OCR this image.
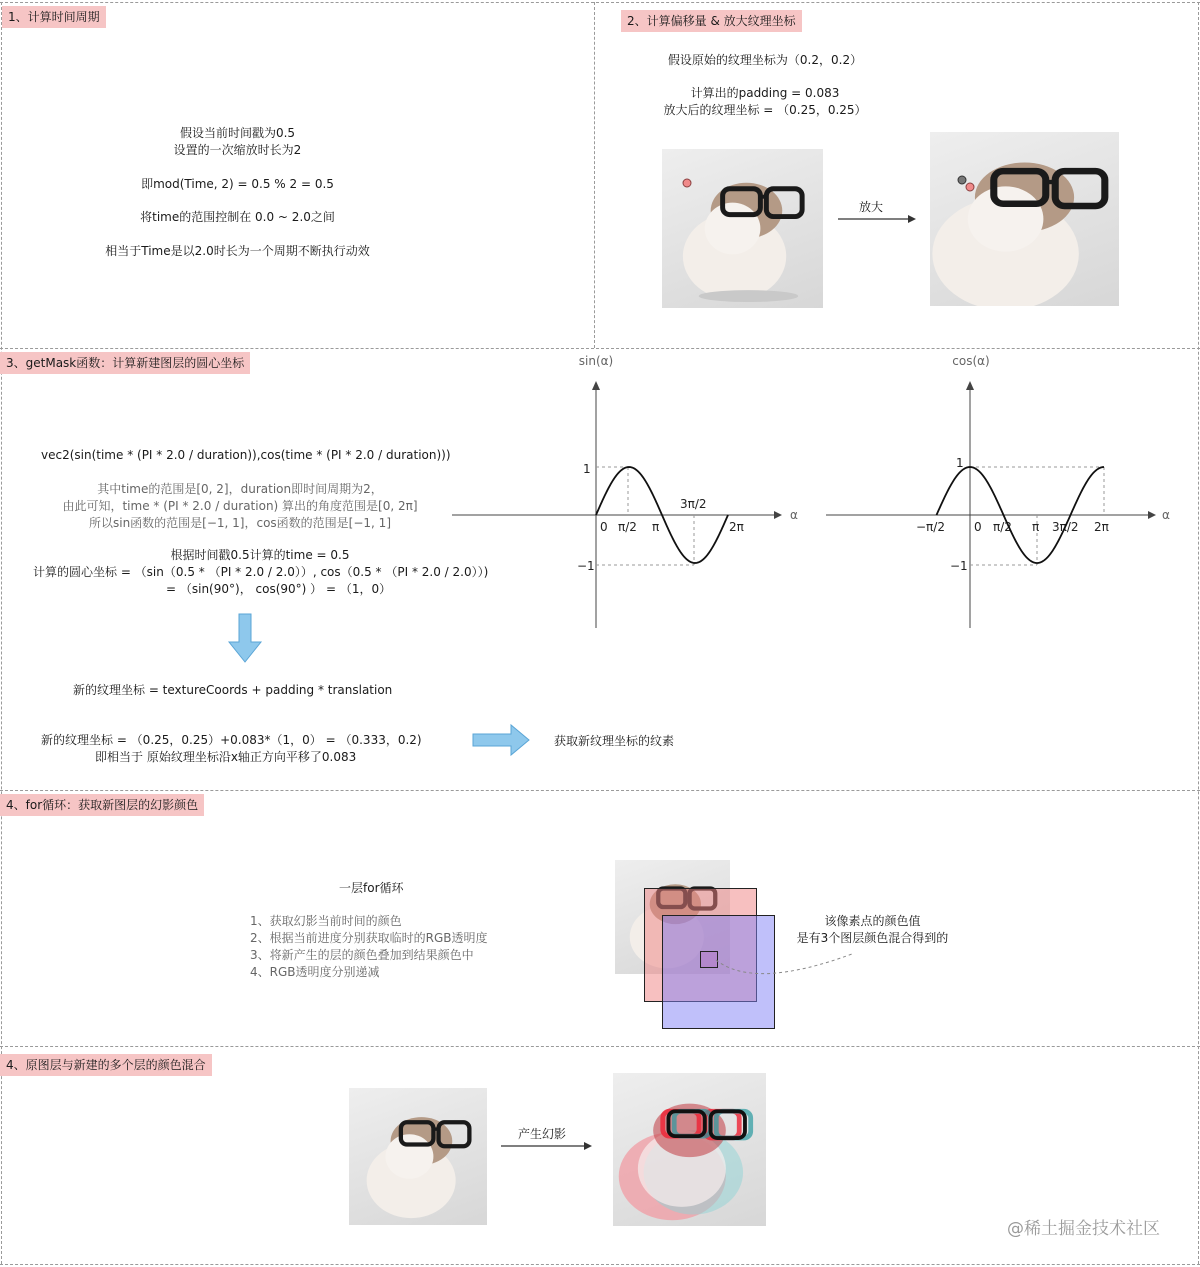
1、计算时间周期
假设当前时间戳为0.5
设置的一次缩放时长为2
即mod(Time, 2) = 0.5 % 2 = 0.5
将time的范围控制在 0.0 ~ 2.0之间
相当于Time是以2.0时长为一个周期不断执行动效
2、计算偏移量 & 放大纹理坐标
假设原始的纹理坐标为（0.2，0.2）
计算出的padding = 0.083
放大后的纹理坐标 = （0.25，0.25）
放大
3、getMask函数：计算新建图层的圆心坐标
vec2(sin(time * (PI * 2.0 / duration)),cos(time * (PI * 2.0 / duration)))
其中time的范围是[0, 2]，duration即时间周期为2，
由此可知，time * (PI * 2.0 / duration) 算出的角度范围是[0, 2π]
所以sin函数的范围是[−1, 1]，cos函数的范围是[−1, 1]
根据时间戳0.5计算的time = 0.5
计算的圆心坐标 = （sin（0.5 * （PI * 2.0 / 2.0））, cos（0.5 * （PI * 2.0 / 2.0））)
= （sin(90°)， cos(90°) ） = （1，0）
新的纹理坐标 = textureCoords + padding * translation
新的纹理坐标 = （0.25，0.25）+0.083*（1，0） = （0.333，0.2)
即相当于 原始纹理坐标沿x轴正方向平移了0.083
获取新纹理坐标的纹素
sin(α)
α
1
−1
0 π/2 π
3π/2
2π
cos(α)
α
1
−1
−π/2 0 π/2 π 3π/2 2π
4、for循环：获取新图层的幻影颜色
一层for循环
1、获取幻影当前时间的颜色
2、根据当前进度分别获取临时的RGB透明度
3、将新产生的层的颜色叠加到结果颜色中
4、RGB透明度分别递减
该像素点的颜色值
是有3个图层颜色混合得到的
4、原图层与新建的多个层的颜色混合
产生幻影
@稀土掘金技术社区
